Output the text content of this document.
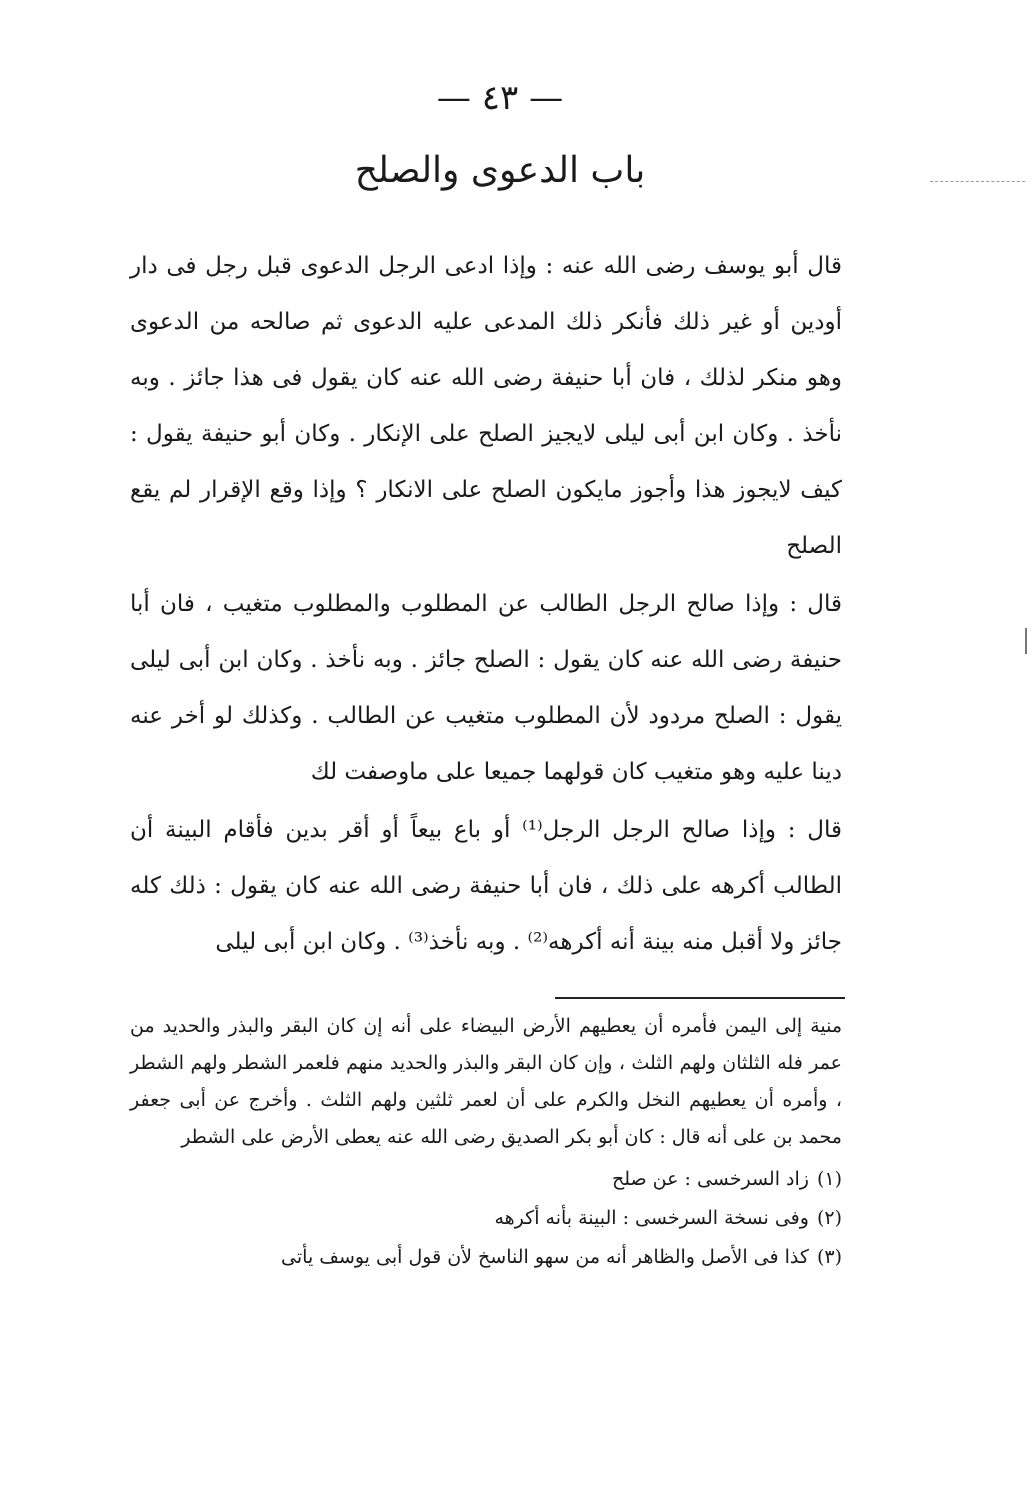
— ٤٣ —
باب الدعوى والصلح

قال أبو يوسف رضى الله عنه : وإذا ادعى الرجل الدعوى قبل رجل فى دار أودين أو غير ذلك فأنكر ذلك المدعى عليه الدعوى ثم صالحه من الدعوى وهو منكر لذلك ، فان أبا حنيفة رضى الله عنه كان يقول فى هذا جائز . وبه نأخذ . وكان ابن أبى ليلى لايجيز الصلح على الإنكار . وكان أبو حنيفة يقول : كيف لايجوز هذا وأجوز مايكون الصلح على الانكار ؟ وإذا وقع الإقرار لم يقع الصلح

قال : وإذا صالح الرجل الطالب عن المطلوب والمطلوب متغيب ، فان أبا حنيفة رضى الله عنه كان يقول : الصلح جائز . وبه نأخذ . وكان ابن أبى ليلى يقول : الصلح مردود لأن المطلوب متغيب عن الطالب . وكذلك لو أخر عنه دينا عليه وهو متغيب كان قولهما جميعا على ماوصفت لك

قال : وإذا صالح الرجل الرجل⁽¹⁾ أو باع بيعاً أو أقر بدين فأقام البينة أن الطالب أكرهه على ذلك ، فان أبا حنيفة رضى الله عنه كان يقول : ذلك كله جائز ولا أقبل منه بينة أنه أكرهه⁽²⁾ . وبه نأخذ⁽³⁾ . وكان ابن أبى ليلى

منية إلى اليمن فأمره أن يعطيهم الأرض البيضاء على أنه إن كان البقر والبذر والحديد من عمر فله الثلثان ولهم الثلث ، وإن كان البقر والبذر والحديد منهم فلعمر الشطر ولهم الشطر ، وأمره أن يعطيهم النخل والكرم على أن لعمر ثلثين ولهم الثلث . وأخرج عن أبى جعفر محمد بن على أنه قال : كان أبو بكر الصديق رضى الله عنه يعطى الأرض على الشطر

(١)
زاد السرخسى : عن صلح
(٢)
وفى نسخة السرخسى : البينة بأنه أكرهه
(٣)
كذا فى الأصل والظاهر أنه من سهو الناسخ لأن قول أبى يوسف يأتى
